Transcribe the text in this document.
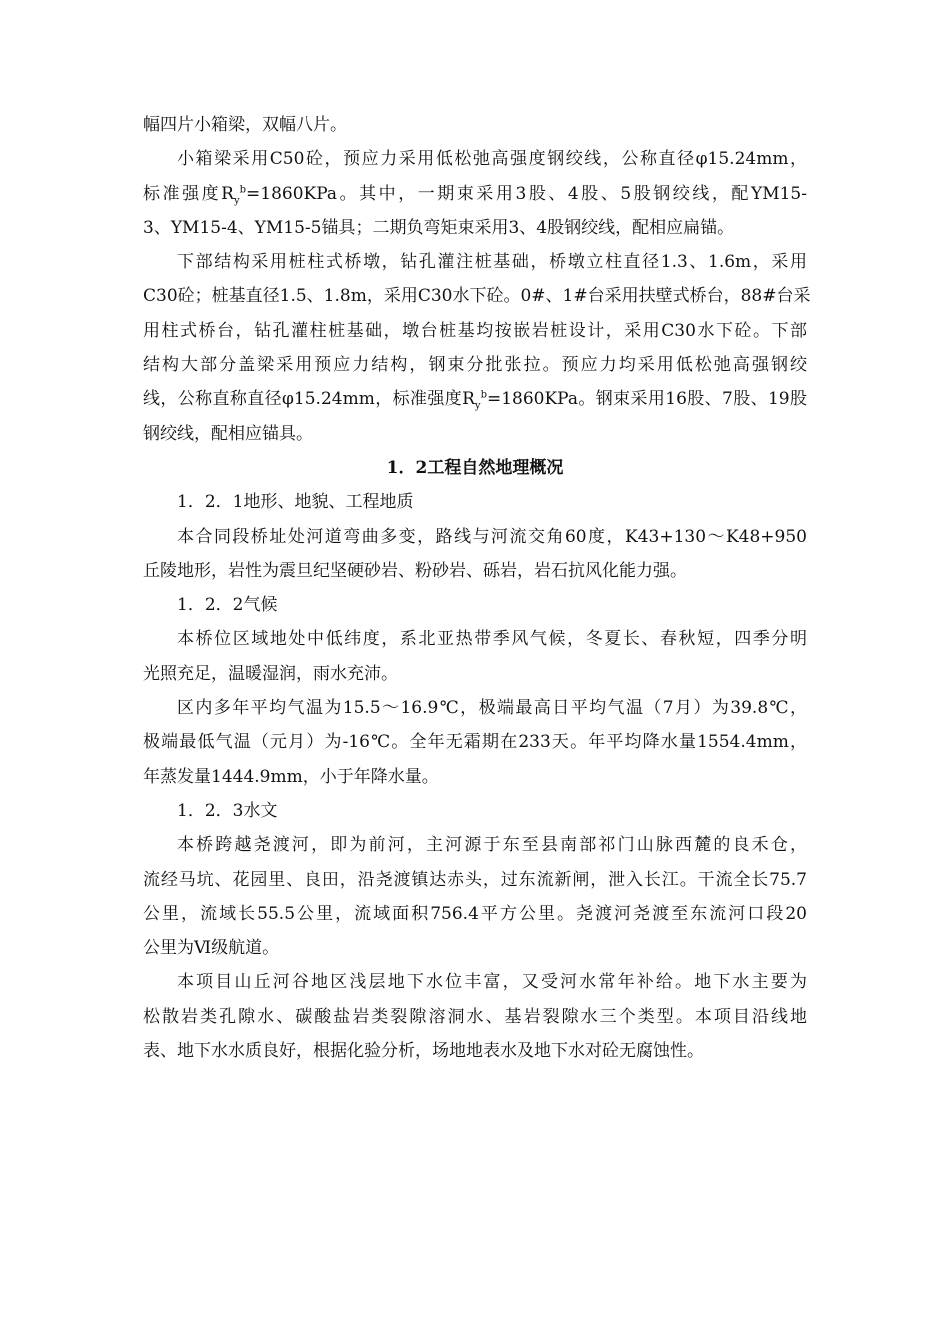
幅四片小箱梁，双幅八片。
小箱梁采用C50砼，预应力采用低松弛高强度钢绞线，公称直径φ15.24mm，
标准强度$R_y^b=1860KPa$。其中，一期束采用3股、4股、5股钢绞线，配YM15-
3、YM15-4、YM15-5锚具；二期负弯矩束采用3、4股钢绞线，配相应扁锚。
下部结构采用桩柱式桥墩，钻孔灌注桩基础，桥墩立柱直径1.3、1.6m，采用
C30砼；桩基直径1.5、1.8m，采用C30水下砼。0#、1#台采用扶壁式桥台，88#台采
用柱式桥台，钻孔灌柱桩基础，墩台桩基均按嵌岩桩设计，采用C30水下砼。下部
结构大部分盖梁采用预应力结构，钢束分批张拉。预应力均采用低松弛高强钢绞
线，公称直称直径φ15.24mm，标准强度$R_y^b=1860KPa$。钢束采用16股、7股、19股
钢绞线，配相应锚具。
1．2工程自然地理概况
1．2．1地形、地貌、工程地质
本合同段桥址处河道弯曲多变，路线与河流交角60度，K43+130～K48+950
丘陵地形，岩性为震旦纪坚硬砂岩、粉砂岩、砾岩，岩石抗风化能力强。
1．2．2气候
本桥位区域地处中低纬度，系北亚热带季风气候，冬夏长、春秋短，四季分明
光照充足，温暖湿润，雨水充沛。
区内多年平均气温为15.5～16.9℃，极端最高日平均气温（7月）为39.8℃，
极端最低气温（元月）为-16℃。全年无霜期在233天。年平均降水量1554.4mm，
年蒸发量1444.9mm，小于年降水量。
1．2．3水文
本桥跨越尧渡河，即为前河，主河源于东至县南部祁门山脉西麓的良禾仓，
流经马坑、花园里、良田，沿尧渡镇达赤头，过东流新闸，泄入长江。干流全长75.7
公里，流域长55.5公里，流域面积756.4平方公里。尧渡河尧渡至东流河口段20
公里为Ⅵ级航道。
本项目山丘河谷地区浅层地下水位丰富，又受河水常年补给。地下水主要为
松散岩类孔隙水、碳酸盐岩类裂隙溶洞水、基岩裂隙水三个类型。本项目沿线地
表、地下水水质良好，根据化验分析，场地地表水及地下水对砼无腐蚀性。
